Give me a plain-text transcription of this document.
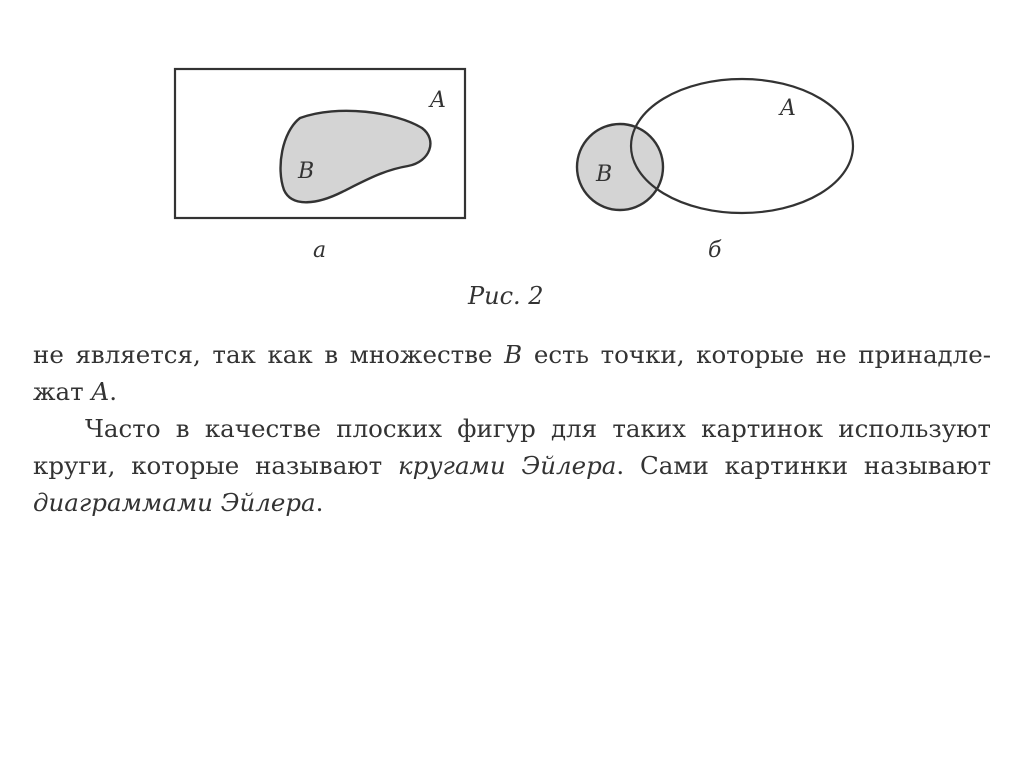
A
B
а
A
B
б
Рис. 2
не является, так как в множестве B есть точки, которые не принадле-
жат A.
Часто в качестве плоских фигур для таких картинок используют
круги, которые называют кругами Эйлера. Сами картинки называют
диаграммами Эйлера.
